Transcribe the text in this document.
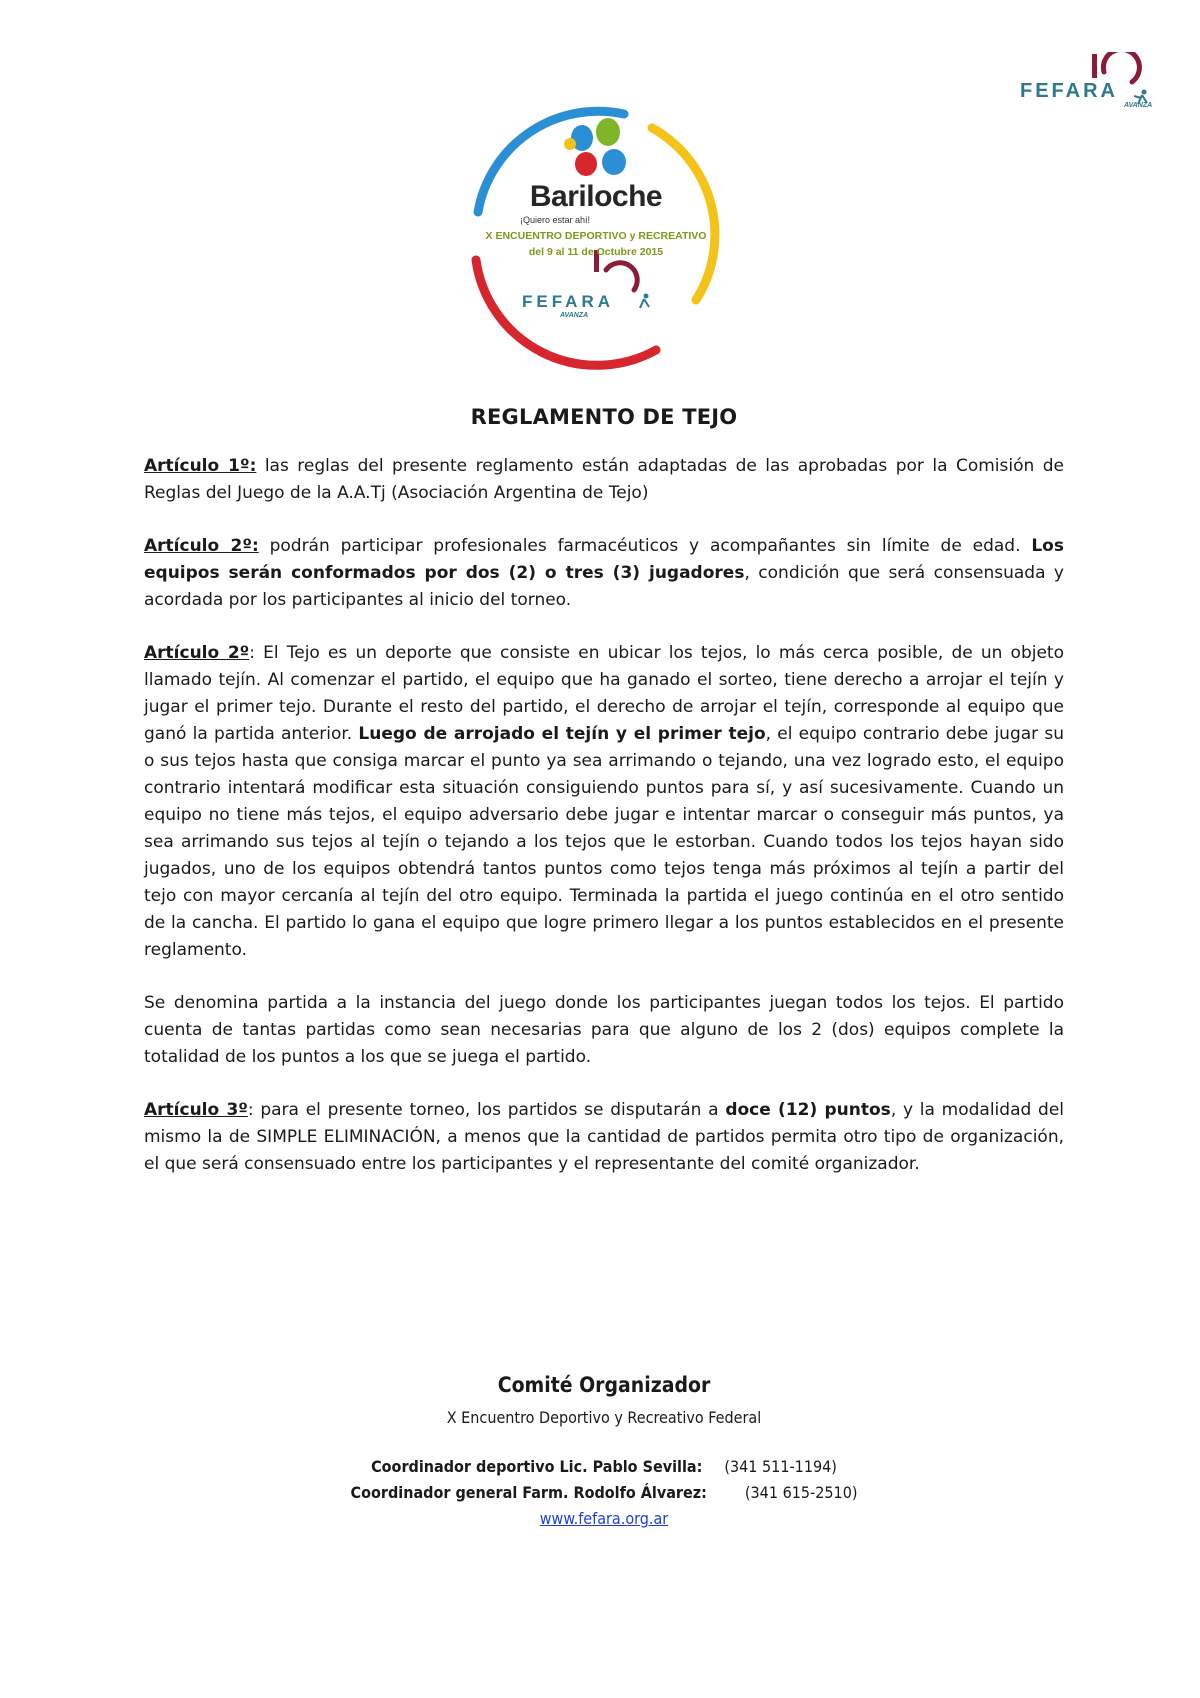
FEFARA
AVANZA
Bariloche
¡Quiero estar ahí!
X ENCUENTRO DEPORTIVO y RECREATIVO
del 9 al 11 de Octubre 2015
FEFARA
AVANZA
REGLAMENTO DE TEJO

Artículo 1º: las reglas del presente reglamento están adaptadas de las aprobadas por la Comisión de Reglas del Juego de la A.A.Tj (Asociación Argentina de Tejo)

Artículo 2º: podrán participar profesionales farmacéuticos y acompañantes sin límite de edad. Los equipos serán conformados por dos (2) o tres (3) jugadores, condición que será consensuada y acordada por los participantes al inicio del torneo.

Artículo 2º: El Tejo es un deporte que consiste en ubicar los tejos, lo más cerca posible, de un objeto llamado tejín. Al comenzar el partido, el equipo que ha ganado el sorteo, tiene derecho a arrojar el tejín y jugar el primer tejo. Durante el resto del partido, el derecho de arrojar el tejín, corresponde al equipo que ganó la partida anterior. Luego de arrojado el tejín y el primer tejo, el equipo contrario debe jugar su o sus tejos hasta que consiga marcar el punto ya sea arrimando o tejando, una vez logrado esto, el equipo contrario intentará modificar esta situación consiguiendo puntos para sí, y así sucesivamente. Cuando un equipo no tiene más tejos, el equipo adversario debe jugar e intentar marcar o conseguir más puntos, ya sea arrimando sus tejos al tejín o tejando a los tejos que le estorban. Cuando todos los tejos hayan sido jugados, uno de los equipos obtendrá tantos puntos como tejos tenga más próximos al tejín a partir del tejo con mayor cercanía al tejín del otro equipo. Terminada la partida el juego continúa en el otro sentido de la cancha. El partido lo gana el equipo que logre primero llegar a los puntos establecidos en el presente reglamento.

Se denomina partida a la instancia del juego donde los participantes juegan todos los tejos. El partido cuenta de tantas partidas como sean necesarias para que alguno de los 2 (dos) equipos complete la totalidad de los puntos a los que se juega el partido.

Artículo 3º: para el presente torneo, los partidos se disputarán a doce (12) puntos, y la modalidad del mismo la de SIMPLE ELIMINACIÓN, a menos que la cantidad de partidos permita otro tipo de organización, el que será consensuado entre los participantes y el representante del comité organizador.

Comité Organizador
X Encuentro Deportivo y Recreativo Federal
Coordinador deportivo Lic. Pablo Sevilla: (341 511-1194)
Coordinador general Farm. Rodolfo Álvarez: (341 615-2510)
www.fefara.org.ar
